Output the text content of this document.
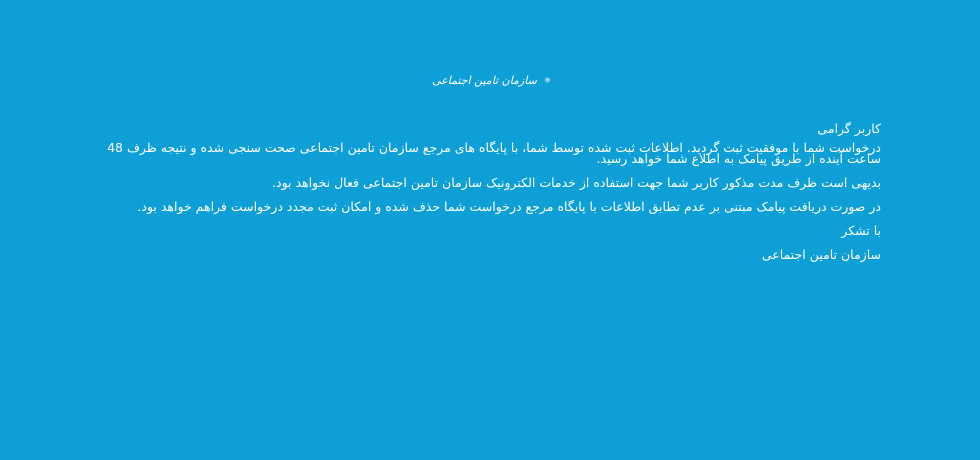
سازمان تامین اجتماعی

کاربر گرامی

درخواست شما با موفقیت ثبت گردید. اطلاعات ثبت شده توسط شما، با پایگاه های مرجع سازمان تامین اجتماعی صحت سنجی شده و نتیجه ظرف 48 ساعت آینده از طریق پیامک به اطلاع شما خواهد رسید.

بدیهی است ظرف مدت مذکور کاربر شما جهت استفاده از خدمات الکترونیک سازمان تامین اجتماعی فعال نخواهد بود.

در صورت دریافت پیامک مبتنی بر عدم تطابق اطلاعات با پایگاه مرجع درخواست شما حذف شده و امکان ثبت مجدد درخواست فراهم خواهد بود.

با تشکر

سازمان تامین اجتماعی
